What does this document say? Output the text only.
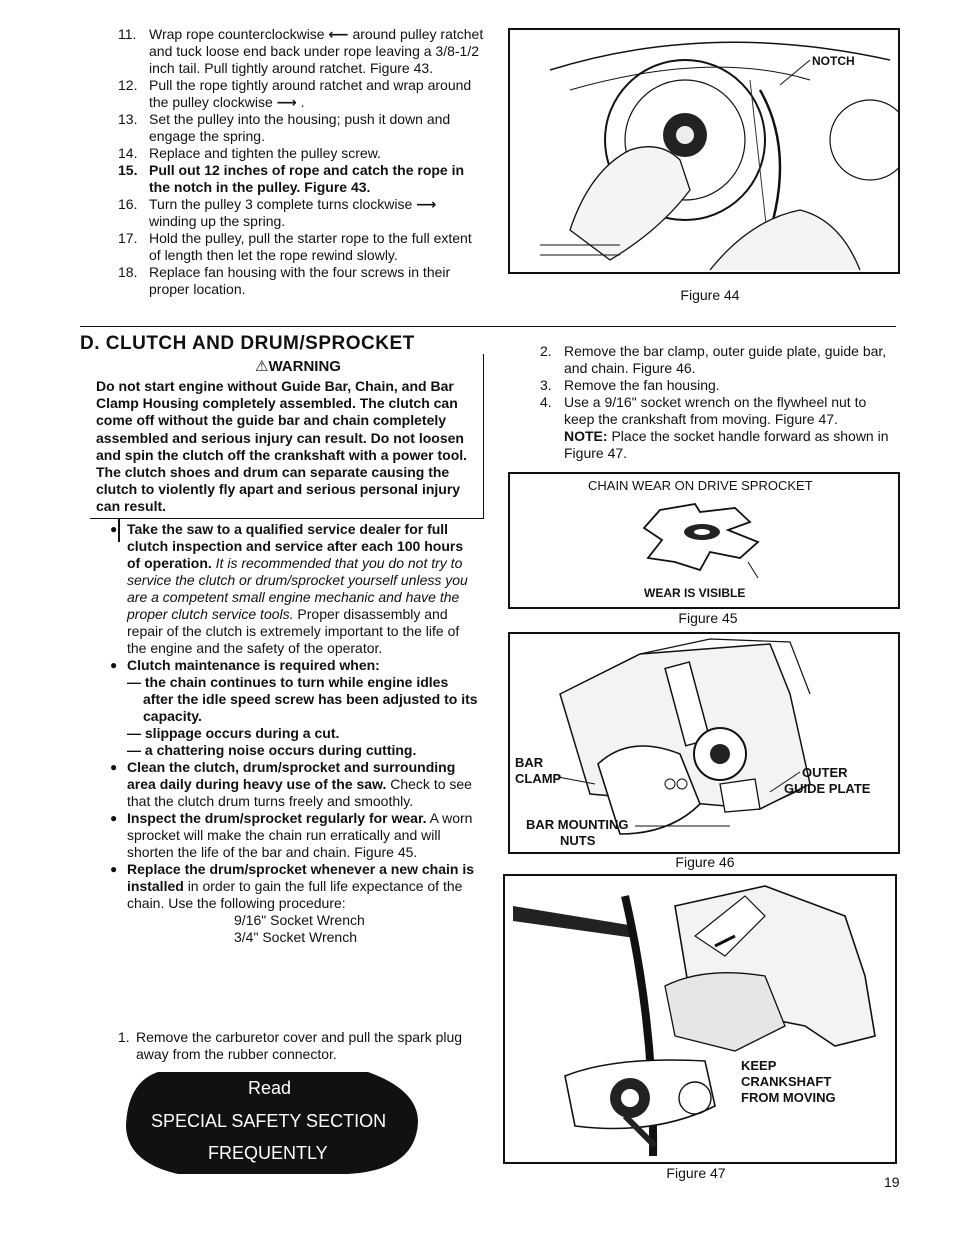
11. Wrap rope counterclockwise ⟵ around pulley ratchet and tuck loose end back under rope leaving a 3/8-1/2 inch tail. Pull tightly around ratchet. Figure 43.
12. Pull the rope tightly around ratchet and wrap around the pulley clockwise ⟶ .
13. Set the pulley into the housing; push it down and engage the spring.
14. Replace and tighten the pulley screw.
15. Pull out 12 inches of rope and catch the rope in the notch in the pulley. Figure 43.
16. Turn the pulley 3 complete turns clockwise ⟶ winding up the spring.
17. Hold the pulley, pull the starter rope to the full extent of length then let the rope rewind slowly.
18. Replace fan housing with the four screws in their proper location.
NOTCH
Figure 44
D. CLUTCH AND DRUM/SPROCKET
⚠WARNING
Do not start engine without Guide Bar, Chain, and Bar Clamp Housing completely assembled. The clutch can come off without the guide bar and chain completely assembled and serious injury can result. Do not loosen and spin the clutch off the crankshaft with a power tool. The clutch shoes and drum can separate causing the clutch to violently fly apart and serious personal injury can result.
● Take the saw to a qualified service dealer for full clutch inspection and service after each 100 hours of operation. It is recommended that you do not try to service the clutch or drum/sprocket yourself unless you are a competent small engine mechanic and have the proper clutch service tools. Proper disassembly and repair of the clutch is extremely important to the life of the engine and the safety of the operator.
● Clutch maintenance is required when:
— the chain continues to turn while engine idles after the idle speed screw has been adjusted to its capacity.
— slippage occurs during a cut.
— a chattering noise occurs during cutting.
● Clean the clutch, drum/sprocket and surrounding area daily during heavy use of the saw. Check to see that the clutch drum turns freely and smoothly.
● Inspect the drum/sprocket regularly for wear. A worn sprocket will make the chain run erratically and will shorten the life of the bar and chain. Figure 45.
● Replace the drum/sprocket whenever a new chain is installed in order to gain the full life expectance of the chain. Use the following procedure:
9/16" Socket Wrench
3/4" Socket Wrench
1. Remove the carburetor cover and pull the spark plug away from the rubber connector.
Read
SPECIAL SAFETY SECTION
FREQUENTLY
2. Remove the bar clamp, outer guide plate, guide bar, and chain. Figure 46.
3. Remove the fan housing.
4. Use a 9/16" socket wrench on the flywheel nut to keep the crankshaft from moving. Figure 47.
NOTE: Place the socket handle forward as shown in Figure 47.
CHAIN WEAR ON DRIVE SPROCKET
WEAR IS VISIBLE
Figure 45
BAR
CLAMP	OUTER
GUIDE PLATE
BAR MOUNTING
NUTS
Figure 46
KEEP
CRANKSHAFT
FROM MOVING
Figure 47
19
